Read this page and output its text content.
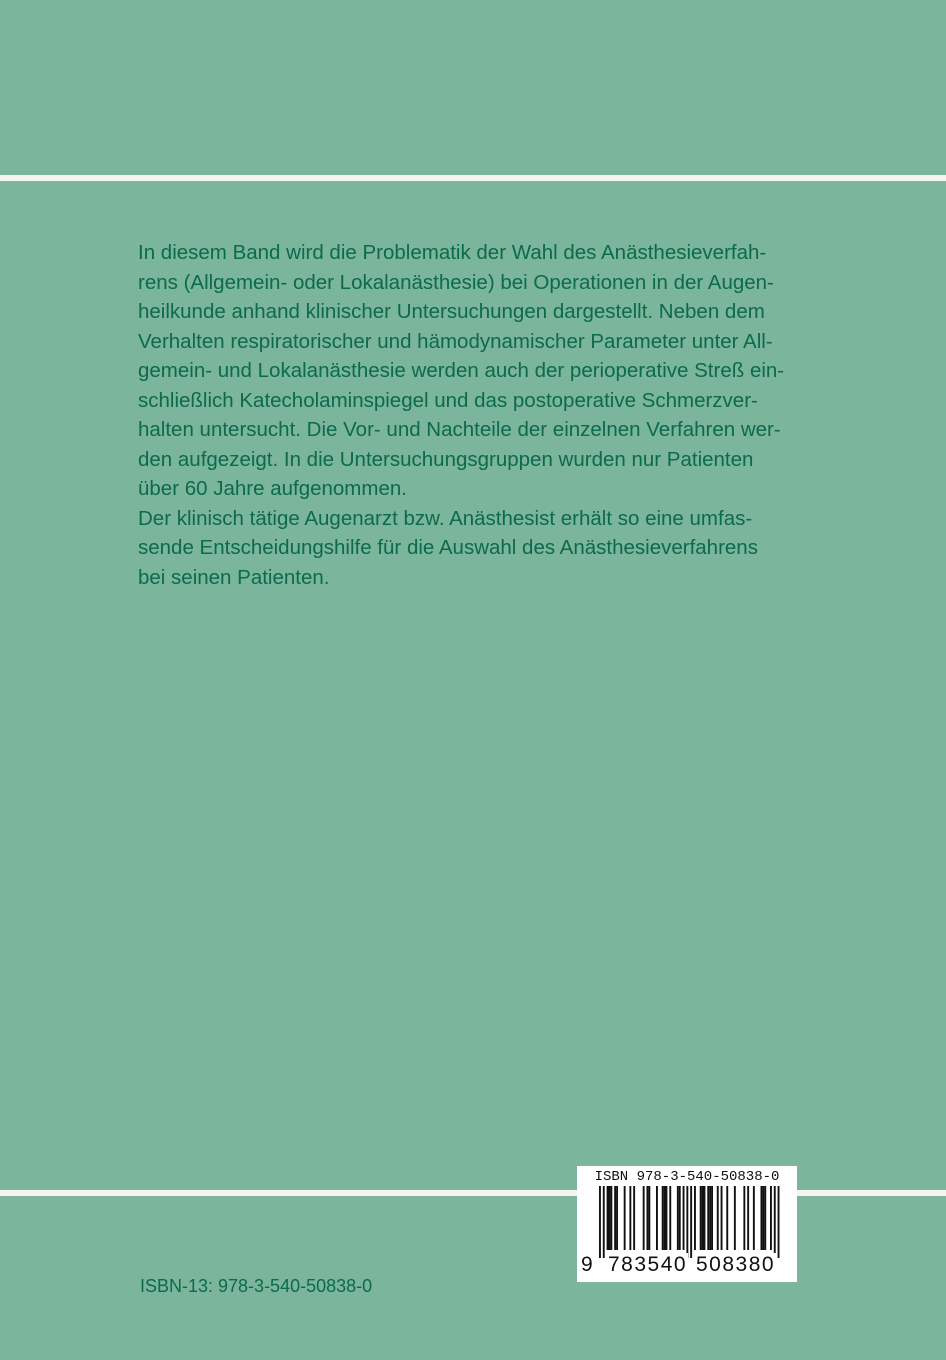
In diesem Band wird die Problematik der Wahl des Anästhesieverfah-
rens (Allgemein- oder Lokalanästhesie) bei Operationen in der Augen-
heilkunde anhand klinischer Untersuchungen dargestellt. Neben dem
Verhalten respiratorischer und hämodynamischer Parameter unter All-
gemein- und Lokalanästhesie werden auch der perioperative Streß ein-
schließlich Katecholaminspiegel und das postoperative Schmerzver-
halten untersucht. Die Vor- und Nachteile der einzelnen Verfahren wer-
den aufgezeigt. In die Untersuchungsgruppen wurden nur Patienten
über 60 Jahre aufgenommen.
Der klinisch tätige Augenarzt bzw. Anästhesist erhält so eine umfas-
sende Entscheidungshilfe für die Auswahl des Anästhesieverfahrens
bei seinen Patienten.
ISBN 978-3-540-50838-0
9 783540 508380
ISBN-13: 978-3-540-50838-0
